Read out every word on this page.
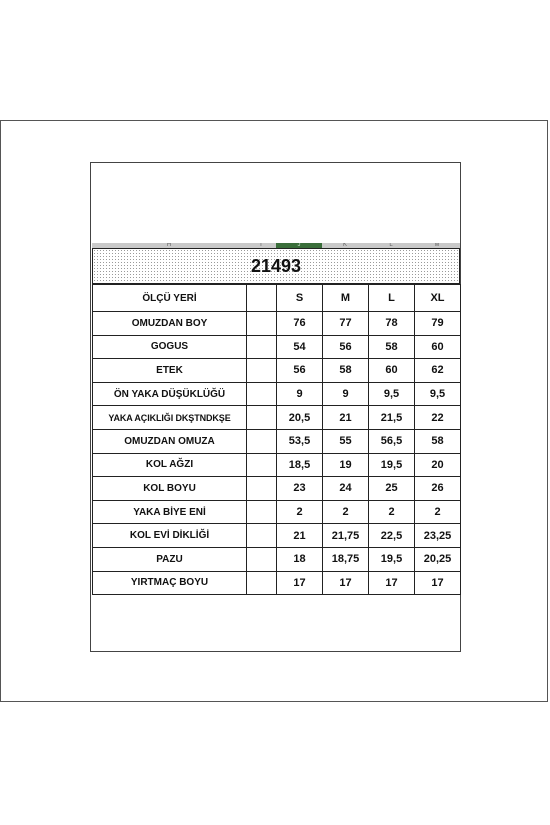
H	I	J	K	L	M
21493
ÖLÇÜ YERİ		S	M	L	XL
OMUZDAN BOY		76	77	78	79
GOGUS		54	56	58	60
ETEK		56	58	60	62
ÖN YAKA DÜŞÜKLÜĞÜ		9	9	9,5	9,5
YAKA AÇIKLIĞI DKŞTNDKŞE		20,5	21	21,5	22
OMUZDAN OMUZA		53,5	55	56,5	58
KOL AĞZI		18,5	19	19,5	20
KOL BOYU		23	24	25	26
YAKA BİYE ENİ		2	2	2	2
KOL EVİ DİKLİĞİ		21	21,75	22,5	23,25
PAZU		18	18,75	19,5	20,25
YIRTMAÇ BOYU		17	17	17	17
